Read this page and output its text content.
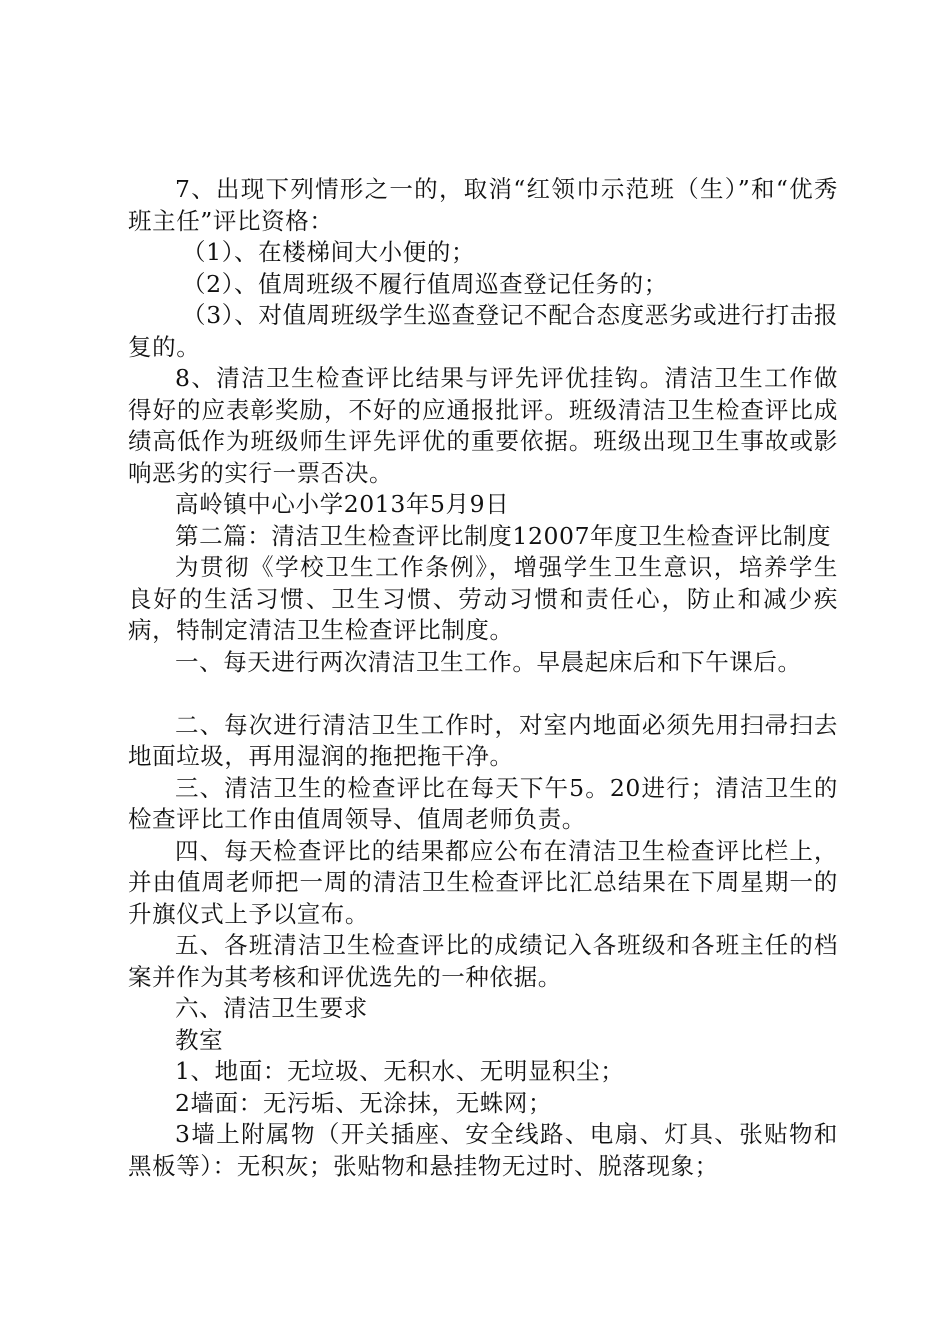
7、出现下列情形之一的，取消“红领巾示范班（生）”和“优秀班主任”评比资格：

（1）、在楼梯间大小便的；

（2）、值周班级不履行值周巡查登记任务的；

（3）、对值周班级学生巡查登记不配合态度恶劣或进行打击报复的。

8、清洁卫生检查评比结果与评先评优挂钩。清洁卫生工作做得好的应表彰奖励，不好的应通报批评。班级清洁卫生检查评比成绩高低作为班级师生评先评优的重要依据。班级出现卫生事故或影响恶劣的实行一票否决。

高岭镇中心小学2013年5月9日

第二篇：清洁卫生检查评比制度12007年度卫生检查评比制度

为贯彻《学校卫生工作条例》，增强学生卫生意识，培养学生良好的生活习惯、卫生习惯、劳动习惯和责任心，防止和减少疾病，特制定清洁卫生检查评比制度。

一、每天进行两次清洁卫生工作。早晨起床后和下午课后。

二、每次进行清洁卫生工作时，对室内地面必须先用扫帚扫去地面垃圾，再用湿润的拖把拖干净。

三、清洁卫生的检查评比在每天下午5。20进行；清洁卫生的检查评比工作由值周领导、值周老师负责。

四、每天检查评比的结果都应公布在清洁卫生检查评比栏上，并由值周老师把一周的清洁卫生检查评比汇总结果在下周星期一的升旗仪式上予以宣布。

五、各班清洁卫生检查评比的成绩记入各班级和各班主任的档案并作为其考核和评优选先的一种依据。

六、清洁卫生要求

教室

1、地面：无垃圾、无积水、无明显积尘；

2墙面：无污垢、无涂抹，无蛛网；

3墙上附属物（开关插座、安全线路、电扇、灯具、张贴物和黑板等）：无积灰；张贴物和悬挂物无过时、脱落现象；
